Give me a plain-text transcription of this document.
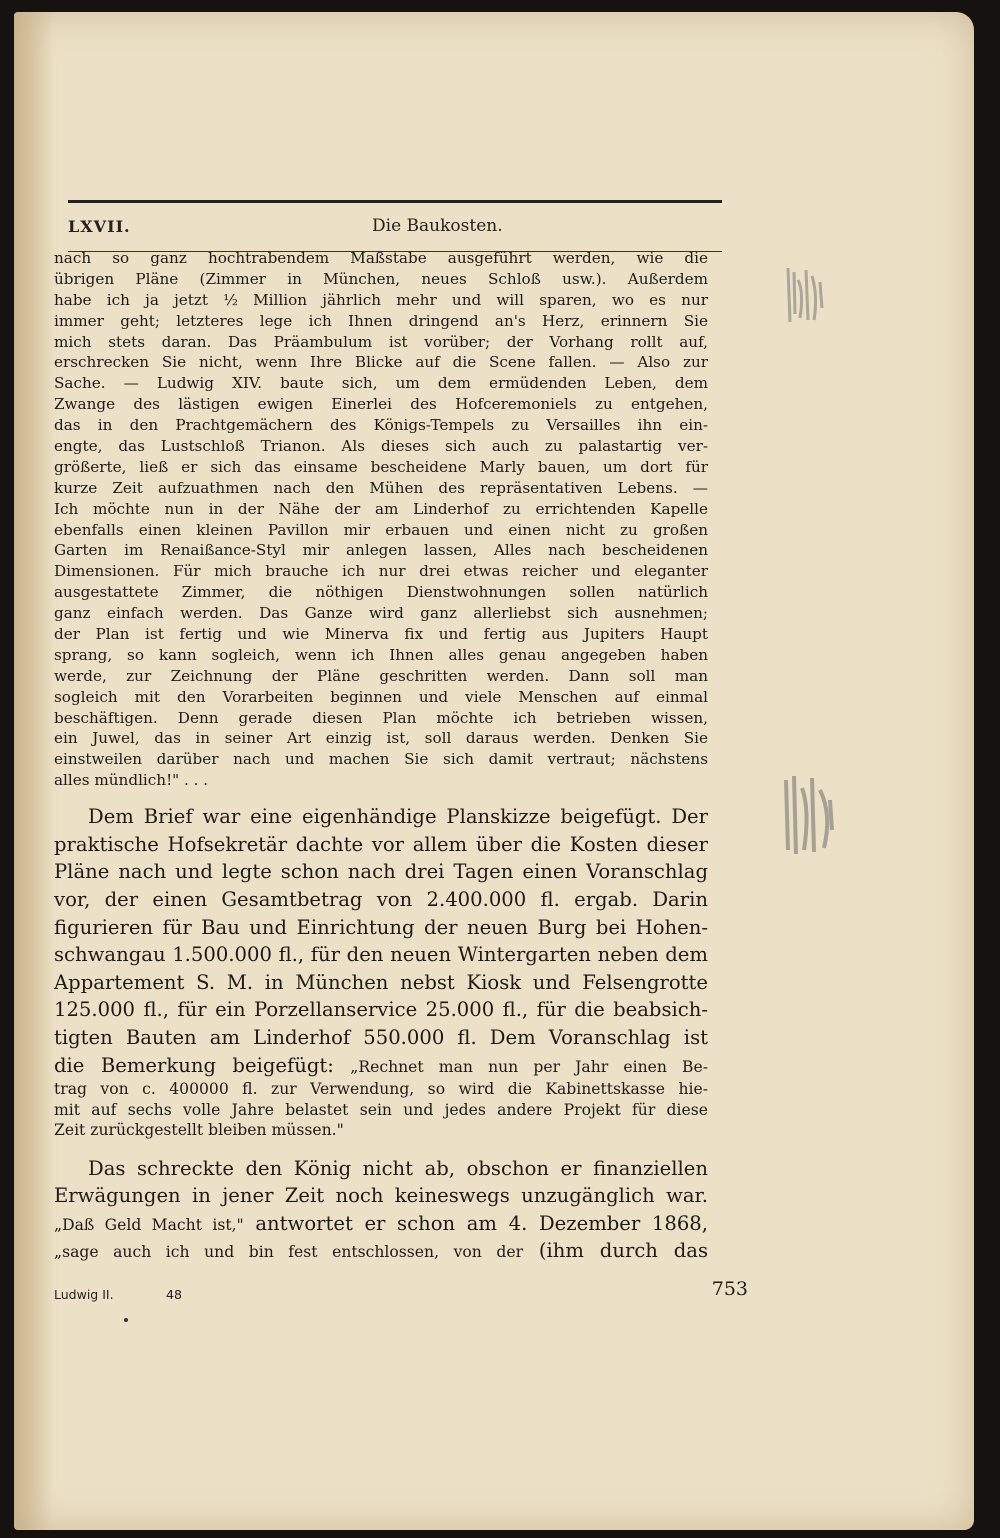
LXVII.	Die Baukosten.
nach so ganz hochtrabendem Maßstabe ausgeführt werden, wie die
übrigen Pläne (Zimmer in München, neues Schloß usw.). Außerdem
habe ich ja jetzt ½ Million jährlich mehr und will sparen, wo es nur
immer geht; letzteres lege ich Ihnen dringend an's Herz, erinnern Sie
mich stets daran. Das Präambulum ist vorüber; der Vorhang rollt auf,
erschrecken Sie nicht, wenn Ihre Blicke auf die Scene fallen. — Also zur
Sache. — Ludwig XIV. baute sich, um dem ermüdenden Leben, dem
Zwange des lästigen ewigen Einerlei des Hofceremoniels zu entgehen,
das in den Prachtgemächern des Königs-Tempels zu Versailles ihn ein-
engte, das Lustschloß Trianon. Als dieses sich auch zu palastartig ver-
größerte, ließ er sich das einsame bescheidene Marly bauen, um dort für
kurze Zeit aufzuathmen nach den Mühen des repräsentativen Lebens. —
Ich möchte nun in der Nähe der am Linderhof zu errichtenden Kapelle
ebenfalls einen kleinen Pavillon mir erbauen und einen nicht zu großen
Garten im Renaißance-Styl mir anlegen lassen, Alles nach bescheidenen
Dimensionen. Für mich brauche ich nur drei etwas reicher und eleganter
ausgestattete Zimmer, die nöthigen Dienstwohnungen sollen natürlich
ganz einfach werden. Das Ganze wird ganz allerliebst sich ausnehmen;
der Plan ist fertig und wie Minerva fix und fertig aus Jupiters Haupt
sprang, so kann sogleich, wenn ich Ihnen alles genau angegeben haben
werde, zur Zeichnung der Pläne geschritten werden. Dann soll man
sogleich mit den Vorarbeiten beginnen und viele Menschen auf einmal
beschäftigen. Denn gerade diesen Plan möchte ich betrieben wissen,
ein Juwel, das in seiner Art einzig ist, soll daraus werden. Denken Sie
einstweilen darüber nach und machen Sie sich damit vertraut; nächstens
alles mündlich!" . . .
Dem Brief war eine eigenhändige Planskizze beigefügt. Der
praktische Hofsekretär dachte vor allem über die Kosten dieser
Pläne nach und legte schon nach drei Tagen einen Voranschlag
vor, der einen Gesamtbetrag von 2.400.000 fl. ergab. Darin
figurieren für Bau und Einrichtung der neuen Burg bei Hohen-
schwangau 1.500.000 fl., für den neuen Wintergarten neben dem
Appartement S. M. in München nebst Kiosk und Felsengrotte
125.000 fl., für ein Porzellanservice 25.000 fl., für die beabsich-
tigten Bauten am Linderhof 550.000 fl. Dem Voranschlag ist
die Bemerkung beigefügt: „Rechnet man nun per Jahr einen Be-
trag von c. 400000 fl. zur Verwendung, so wird die Kabinettskasse hie-
mit auf sechs volle Jahre belastet sein und jedes andere Projekt für diese
Zeit zurückgestellt bleiben müssen."
Das schreckte den König nicht ab, obschon er finanziellen
Erwägungen in jener Zeit noch keineswegs unzugänglich war.
„Daß Geld Macht ist," antwortet er schon am 4. Dezember 1868,
„sage auch ich und bin fest entschlossen, von der (ihm durch das
Ludwig II.	48	753
